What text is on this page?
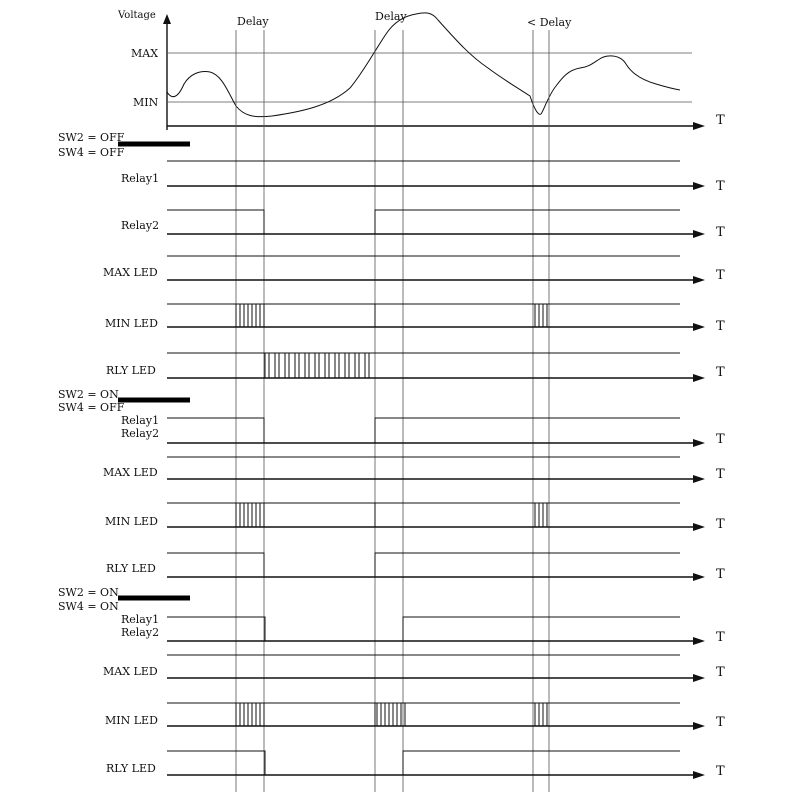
Voltage
MAX
MIN
Delay	Delay	< Delay
T
SW2 = OFF
SW4 = OFF
Relay1
T
Relay2	T
MAX LED	T
MIN LED	T
RLY LED	T
SW2 = ON
SW4 = OFF
Relay1
Relay2	T
MAX LED	T
MIN LED	T
RLY LED	T
SW2 = ON
SW4 = ON
Relay1
Relay2	T
MAX LED	T
MIN LED	T
RLY LED	T
